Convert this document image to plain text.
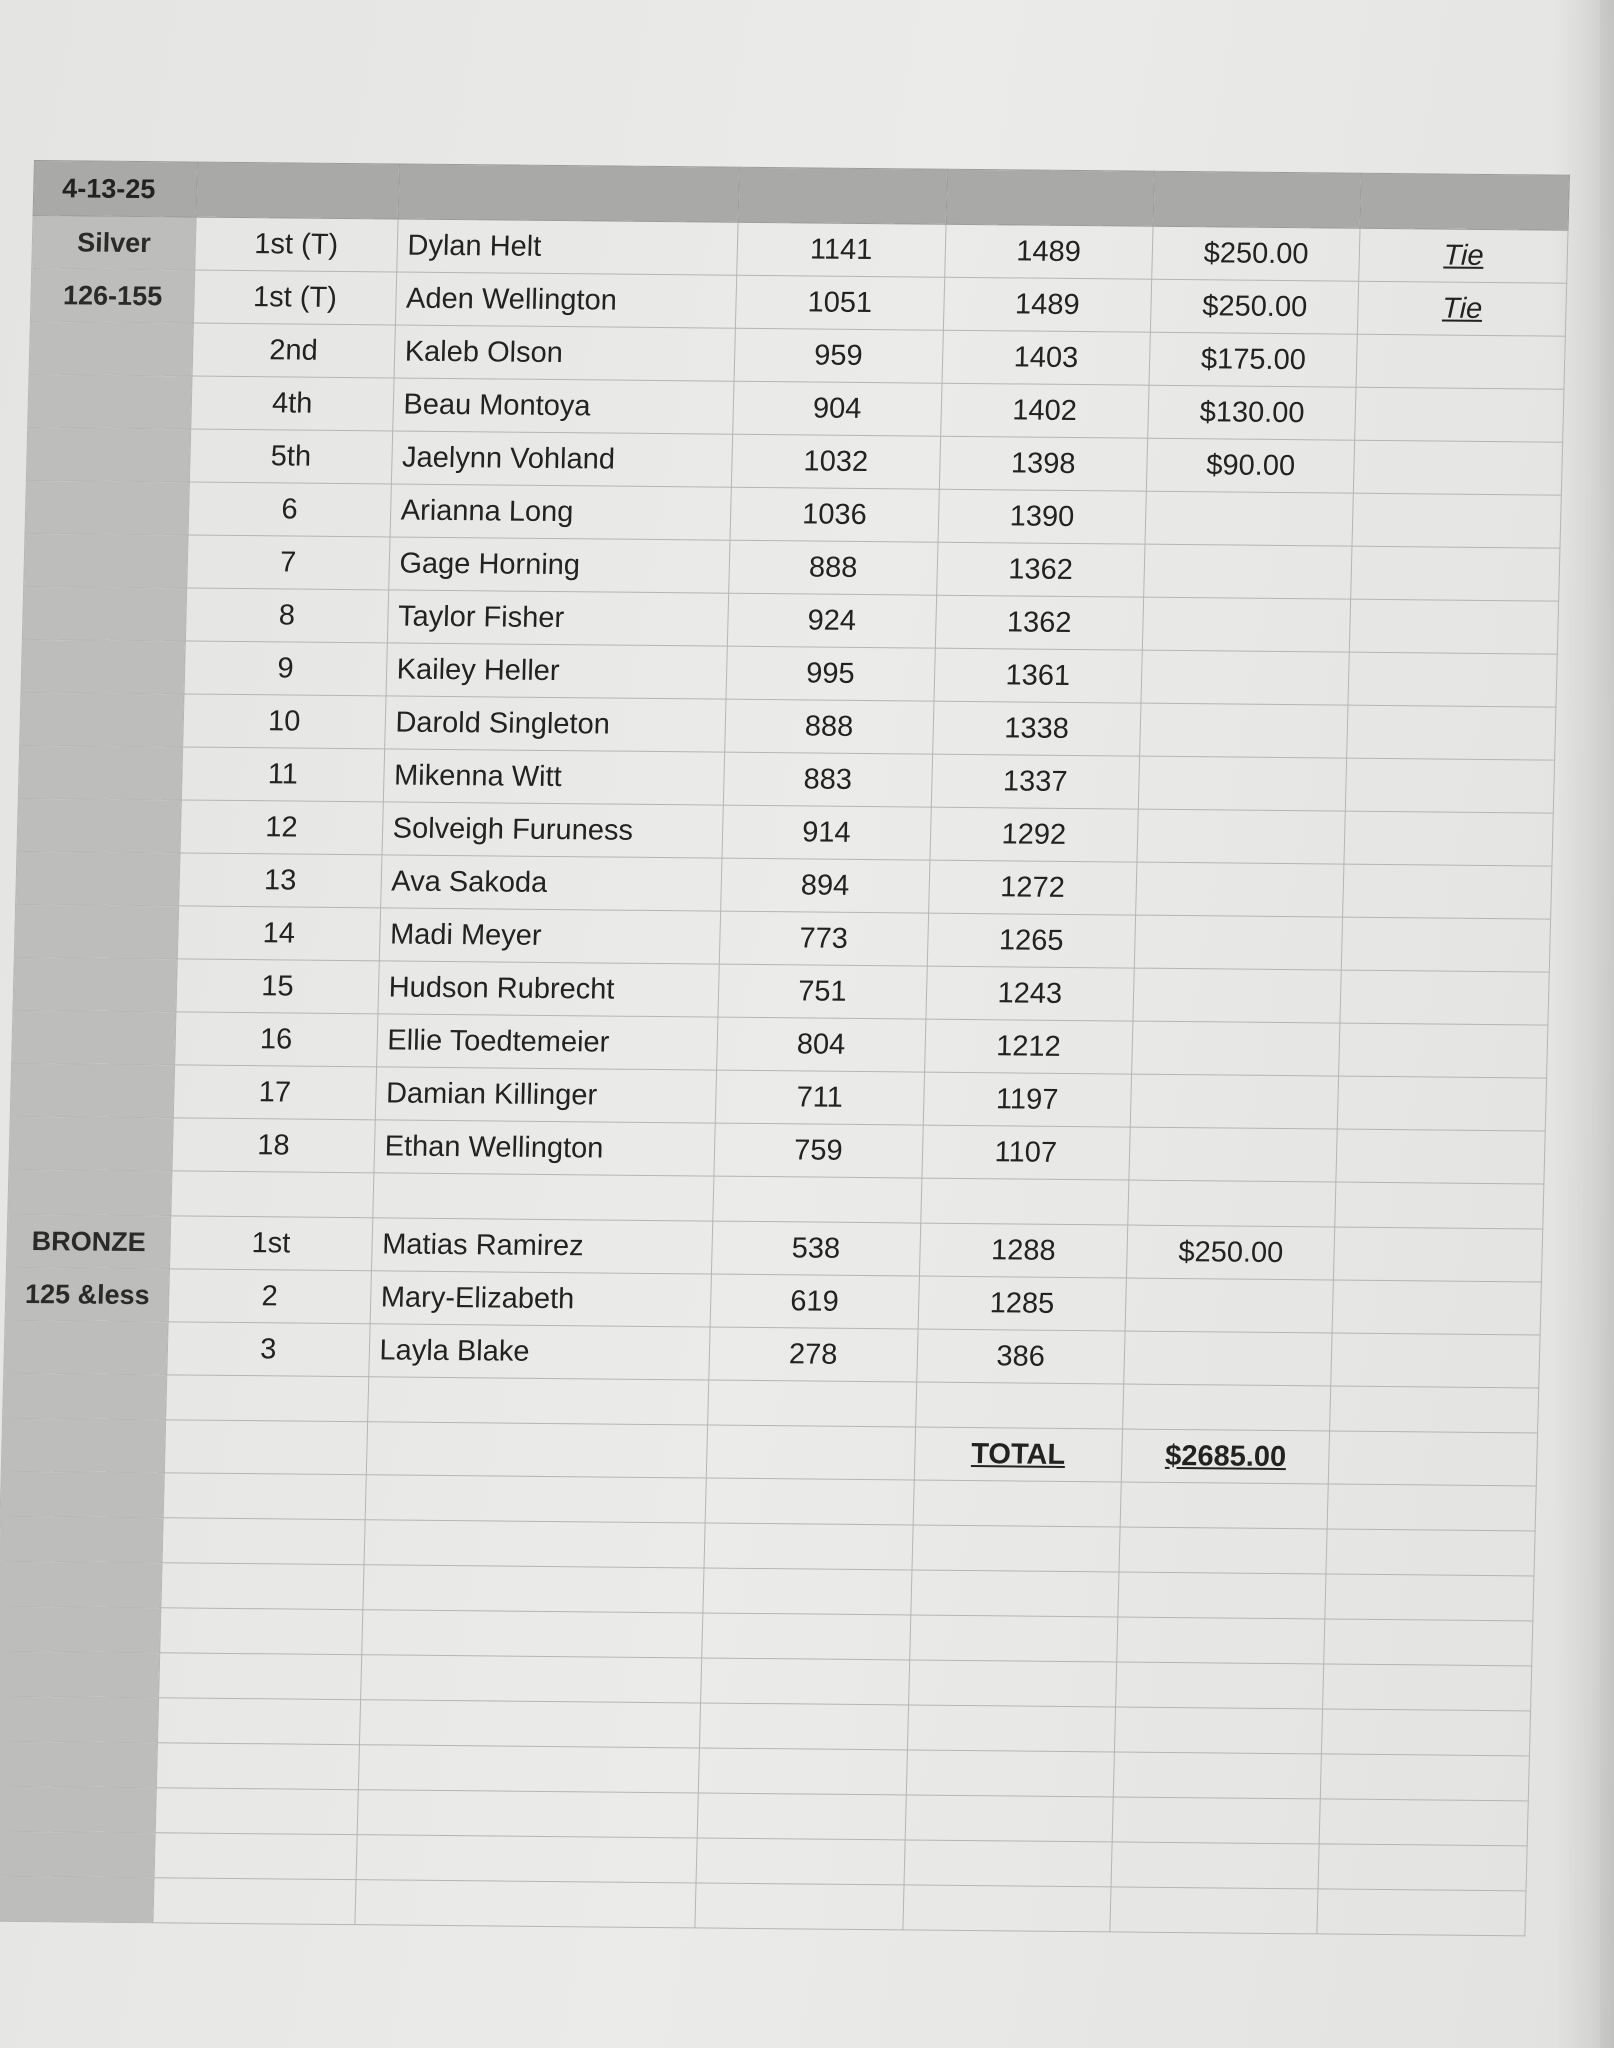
4-13-25						
Silver	1st (T)	Dylan Helt	1141	1489	$250.00	Tie
126-155	1st (T)	Aden Wellington	1051	1489	$250.00	Tie
	2nd	Kaleb Olson	959	1403	$175.00	
	4th	Beau Montoya	904	1402	$130.00	
	5th	Jaelynn Vohland	1032	1398	$90.00	
	6	Arianna Long	1036	1390		
	7	Gage Horning	888	1362		
	8	Taylor Fisher	924	1362		
	9	Kailey Heller	995	1361		
	10	Darold Singleton	888	1338		
	11	Mikenna Witt	883	1337		
	12	Solveigh Furuness	914	1292		
	13	Ava Sakoda	894	1272		
	14	Madi Meyer	773	1265		
	15	Hudson Rubrecht	751	1243		
	16	Ellie Toedtemeier	804	1212		
	17	Damian Killinger	711	1197		
	18	Ethan Wellington	759	1107		

BRONZE	1st	Matias Ramirez	538	1288	$250.00	
125 &less	2	Mary-Elizabeth	619	1285		
	3	Layla Blake	278	386		

				TOTAL	$2685.00	
